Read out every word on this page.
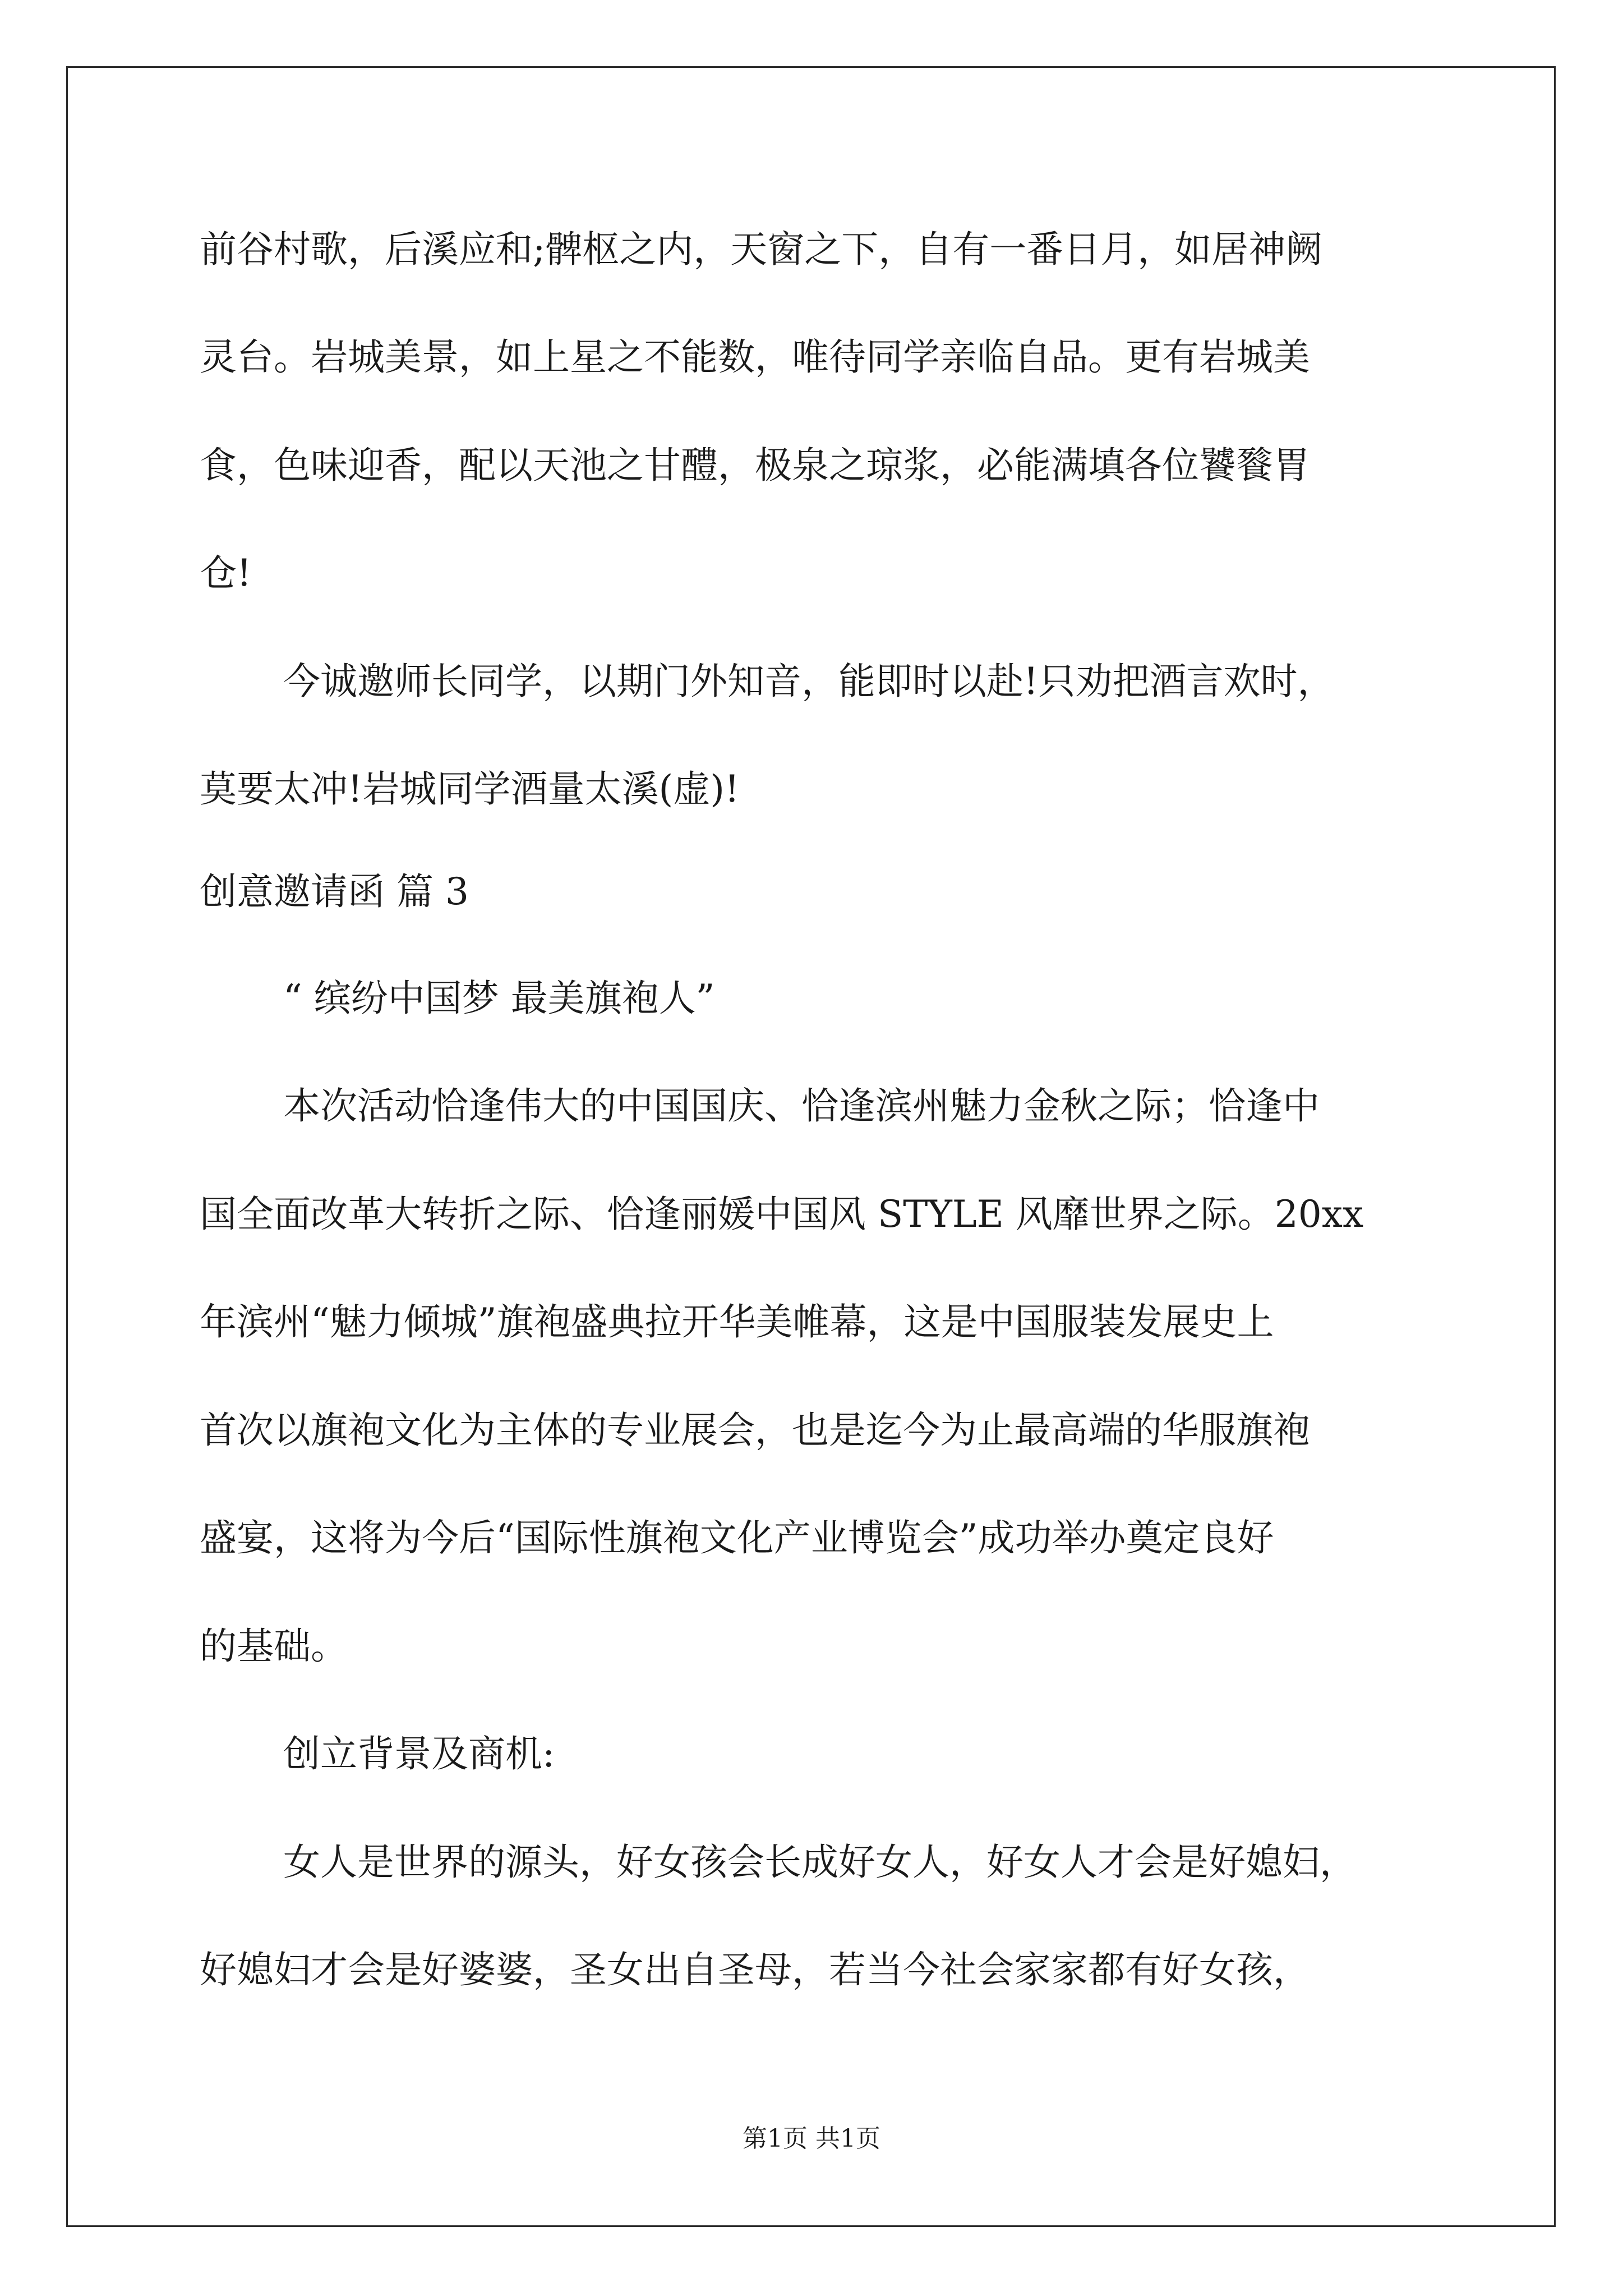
前谷村歌，后溪应和;髀枢之内，天窗之下，自有一番日月，如居神阙
灵台。岩城美景，如上星之不能数，唯待同学亲临自品。更有岩城美
食，色味迎香，配以天池之甘醴，极泉之琼浆，必能满填各位饕餮胃
仓!
今诚邀师长同学，以期门外知音，能即时以赴!只劝把酒言欢时，
莫要太冲!岩城同学酒量太溪(虚)!
创意邀请函 篇 3
“ 缤纷中国梦 最美旗袍人”
本次活动恰逢伟大的中国国庆、恰逢滨州魅力金秋之际；恰逢中
国全面改革大转折之际、恰逢丽媛中国风 STYLE 风靡世界之际。20xx
年滨州“魅力倾城”旗袍盛典拉开华美帷幕，这是中国服装发展史上
首次以旗袍文化为主体的专业展会，也是迄今为止最高端的华服旗袍
盛宴，这将为今后“国际性旗袍文化产业博览会”成功举办奠定良好
的基础。
创立背景及商机:
女人是世界的源头，好女孩会长成好女人，好女人才会是好媳妇，
好媳妇才会是好婆婆，圣女出自圣母，若当今社会家家都有好女孩，
第1页 共1页
